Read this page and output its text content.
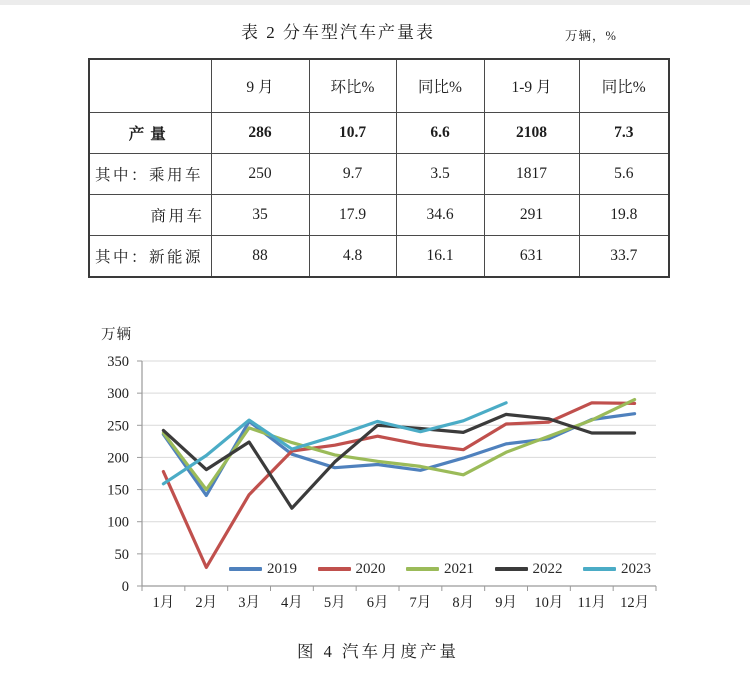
表 2 分车型汽车产量表	万辆，%
	9 月	环比%	同比%	1-9 月	同比%
产量	286	10.7	6.6	2108	7.3
其中：乘用车	250	9.7	3.5	1817	5.6
商用车	35	17.9	34.6	291	19.8
其中：新能源	88	4.8	16.1	631	33.7
万辆
0
50
100
150
200
250
300
350
1月 2月 3月 4月 5月 6月 7月 8月 9月 10月 11月 12月
2019	2020	2021	2022	2023
图 4 汽车月度产量
